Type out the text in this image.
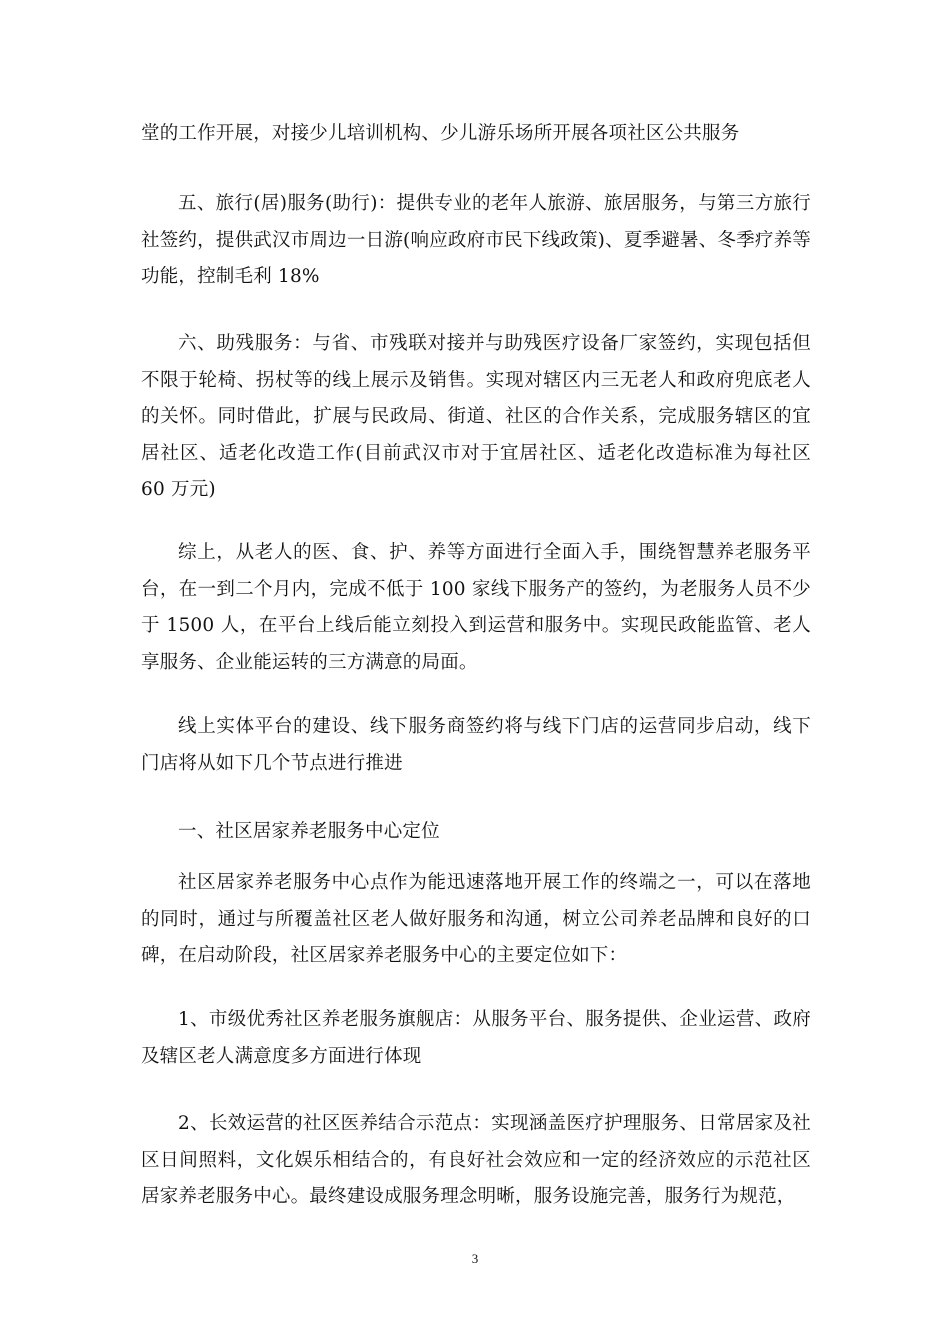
堂的工作开展，对接少儿培训机构、少儿游乐场所开展各项社区公共服务

五、旅行(居)服务(助行)：提供专业的老年人旅游、旅居服务，与第三方旅行社签约，提供武汉市周边一日游(响应政府市民下线政策)、夏季避暑、冬季疗养等功能，控制毛利 18%

六、助残服务：与省、市残联对接并与助残医疗设备厂家签约，实现包括但不限于轮椅、拐杖等的线上展示及销售。实现对辖区内三无老人和政府兜底老人的关怀。同时借此，扩展与民政局、街道、社区的合作关系，完成服务辖区的宜居社区、适老化改造工作(目前武汉市对于宜居社区、适老化改造标准为每社区 60 万元)

综上，从老人的医、食、护、养等方面进行全面入手，围绕智慧养老服务平台，在一到二个月内，完成不低于 100 家线下服务产的签约，为老服务人员不少于 1500 人，在平台上线后能立刻投入到运营和服务中。实现民政能监管、老人享服务、企业能运转的三方满意的局面。

线上实体平台的建设、线下服务商签约将与线下门店的运营同步启动，线下门店将从如下几个节点进行推进

一、社区居家养老服务中心定位

社区居家养老服务中心点作为能迅速落地开展工作的终端之一，可以在落地的同时，通过与所覆盖社区老人做好服务和沟通，树立公司养老品牌和良好的口碑，在启动阶段，社区居家养老服务中心的主要定位如下：

1、市级优秀社区养老服务旗舰店：从服务平台、服务提供、企业运营、政府及辖区老人满意度多方面进行体现

2、长效运营的社区医养结合示范点：实现涵盖医疗护理服务、日常居家及社区日间照料，文化娱乐相结合的，有良好社会效应和一定的经济效应的示范社区居家养老服务中心。最终建设成服务理念明晰，服务设施完善，服务行为规范，

3
